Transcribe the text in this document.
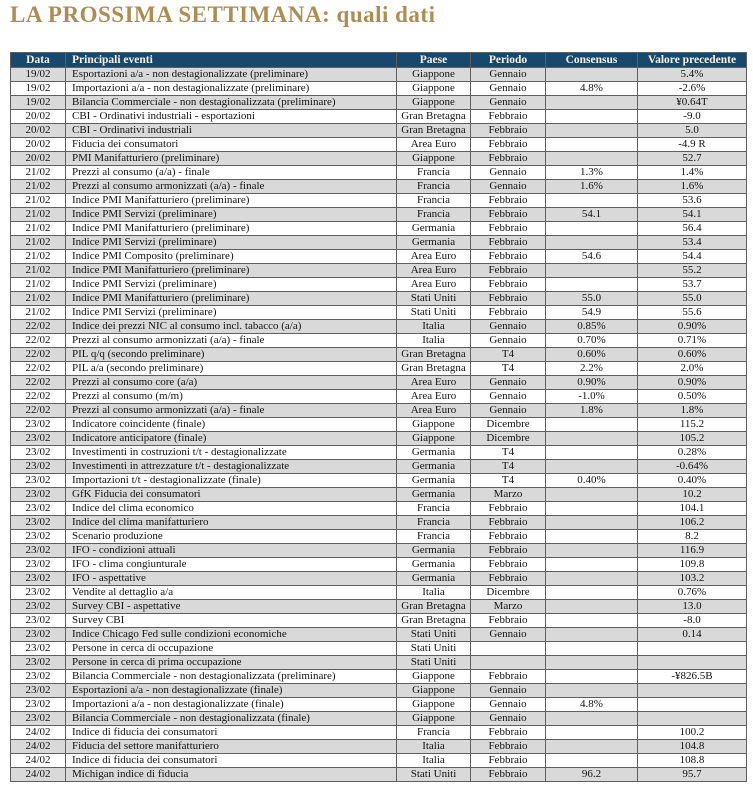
LA PROSSIMA SETTIMANA: quali dati
Data	Principali eventi	Paese	Periodo	Consensus	Valore precedente
19/02	Esportazioni a/a - non destagionalizzate (preliminare)	Giappone	Gennaio		5.4%
19/02	Importazioni a/a - non destagionalizzate (preliminare)	Giappone	Gennaio	4.8%	-2.6%
19/02	Bilancia Commerciale - non destagionalizzata (preliminare)	Giappone	Gennaio		¥0.64T
20/02	CBI - Ordinativi industriali - esportazioni	Gran Bretagna	Febbraio		-9.0
20/02	CBI - Ordinativi industriali	Gran Bretagna	Febbraio		5.0
20/02	Fiducia dei consumatori	Area Euro	Febbraio		-4.9 R
20/02	PMI Manifatturiero (preliminare)	Giappone	Febbraio		52.7
21/02	Prezzi al consumo (a/a) - finale	Francia	Gennaio	1.3%	1.4%
21/02	Prezzi al consumo armonizzati (a/a) - finale	Francia	Gennaio	1.6%	1.6%
21/02	Indice PMI Manifatturiero (preliminare)	Francia	Febbraio		53.6
21/02	Indice PMI Servizi (preliminare)	Francia	Febbraio	54.1	54.1
21/02	Indice PMI Manifatturiero (preliminare)	Germania	Febbraio		56.4
21/02	Indice PMI Servizi (preliminare)	Germania	Febbraio		53.4
21/02	Indice PMI Composito (preliminare)	Area Euro	Febbraio	54.6	54.4
21/02	Indice PMI Manifatturiero (preliminare)	Area Euro	Febbraio		55.2
21/02	Indice PMI Servizi (preliminare)	Area Euro	Febbraio		53.7
21/02	Indice PMI Manifatturiero (preliminare)	Stati Uniti	Febbraio	55.0	55.0
21/02	Indice PMI Servizi (preliminare)	Stati Uniti	Febbraio	54.9	55.6
22/02	Indice dei prezzi NIC al consumo incl. tabacco (a/a)	Italia	Gennaio	0.85%	0.90%
22/02	Prezzi al consumo armonizzati (a/a) - finale	Italia	Gennaio	0.70%	0.71%
22/02	PIL q/q (secondo preliminare)	Gran Bretagna	T4	0.60%	0.60%
22/02	PIL a/a (secondo preliminare)	Gran Bretagna	T4	2.2%	2.0%
22/02	Prezzi al consumo core (a/a)	Area Euro	Gennaio	0.90%	0.90%
22/02	Prezzi al consumo (m/m)	Area Euro	Gennaio	-1.0%	0.50%
22/02	Prezzi al consumo armonizzati (a/a) - finale	Area Euro	Gennaio	1.8%	1.8%
23/02	Indicatore coincidente (finale)	Giappone	Dicembre		115.2
23/02	Indicatore anticipatore (finale)	Giappone	Dicembre		105.2
23/02	Investimenti in costruzioni t/t - destagionalizzate	Germania	T4		0.28%
23/02	Investimenti in attrezzature t/t - destagionalizzate	Germania	T4		-0.64%
23/02	Importazioni t/t - destagionalizzate (finale)	Germania	T4	0.40%	0.40%
23/02	GfK Fiducia dei consumatori	Germania	Marzo		10.2
23/02	Indice del clima economico	Francia	Febbraio		104.1
23/02	Indice del clima manifatturiero	Francia	Febbraio		106.2
23/02	Scenario produzione	Francia	Febbraio		8.2
23/02	IFO - condizioni attuali	Germania	Febbraio		116.9
23/02	IFO - clima congiunturale	Germania	Febbraio		109.8
23/02	IFO - aspettative	Germania	Febbraio		103.2
23/02	Vendite al dettaglio a/a	Italia	Dicembre		0.76%
23/02	Survey CBI - aspettative	Gran Bretagna	Marzo		13.0
23/02	Survey CBI	Gran Bretagna	Febbraio		-8.0
23/02	Indice Chicago Fed sulle condizioni economiche	Stati Uniti	Gennaio		0.14
23/02	Persone in cerca di occupazione	Stati Uniti			
23/02	Persone in cerca di prima occupazione	Stati Uniti			
23/02	Bilancia Commerciale - non destagionalizzata (preliminare)	Giappone	Febbraio		-¥826.5B
23/02	Esportazioni a/a - non destagionalizzate (finale)	Giappone	Gennaio		
23/02	Importazioni a/a - non destagionalizzate (finale)	Giappone	Gennaio	4.8%	
23/02	Bilancia Commerciale - non destagionalizzata (finale)	Giappone	Gennaio		
24/02	Indice di fiducia dei consumatori	Francia	Febbraio		100.2
24/02	Fiducia del settore manifatturiero	Italia	Febbraio		104.8
24/02	Indice di fiducia dei consumatori	Italia	Febbraio		108.8
24/02	Michigan indice di fiducia	Stati Uniti	Febbraio	96.2	95.7
